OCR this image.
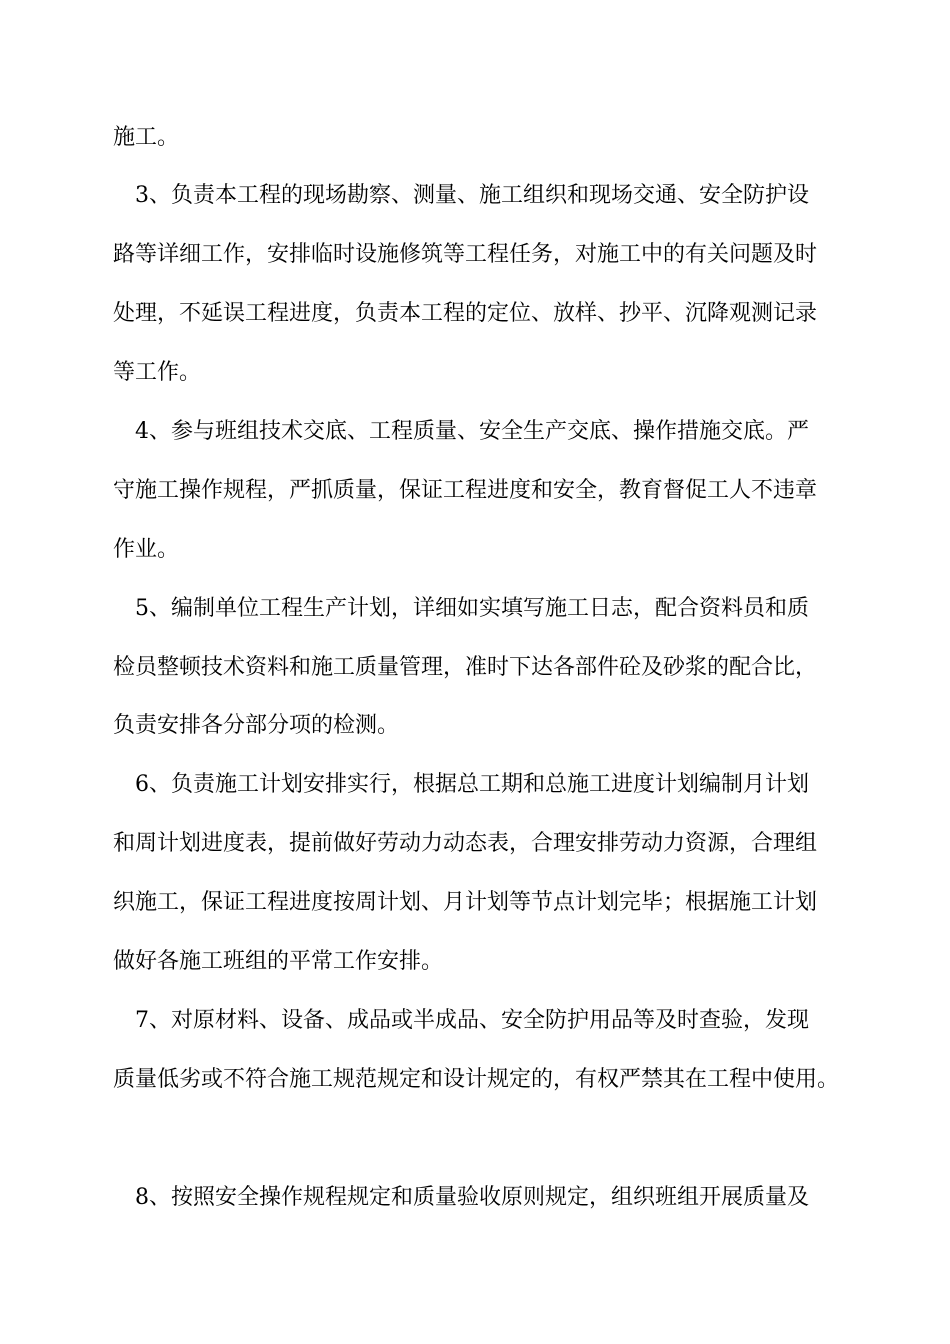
施工。
3、负责本工程的现场勘察、测量、施工组织和现场交通、安全防护设
路等详细工作，安排临时设施修筑等工程任务，对施工中的有关问题及时
处理，不延误工程进度，负责本工程的定位、放样、抄平、沉降观测记录
等工作。
4、参与班组技术交底、工程质量、安全生产交底、操作措施交底。严
守施工操作规程，严抓质量，保证工程进度和安全，教育督促工人不违章
作业。
5、编制单位工程生产计划，详细如实填写施工日志，配合资料员和质
检员整顿技术资料和施工质量管理，准时下达各部件砼及砂浆的配合比，
负责安排各分部分项的检测。
6、负责施工计划安排实行，根据总工期和总施工进度计划编制月计划
和周计划进度表，提前做好劳动力动态表，合理安排劳动力资源，合理组
织施工，保证工程进度按周计划、月计划等节点计划完毕；根据施工计划
做好各施工班组的平常工作安排。
7、对原材料、设备、成品或半成品、安全防护用品等及时查验，发现
质量低劣或不符合施工规范规定和设计规定的，有权严禁其在工程中使用。
8、按照安全操作规程规定和质量验收原则规定，组织班组开展质量及
